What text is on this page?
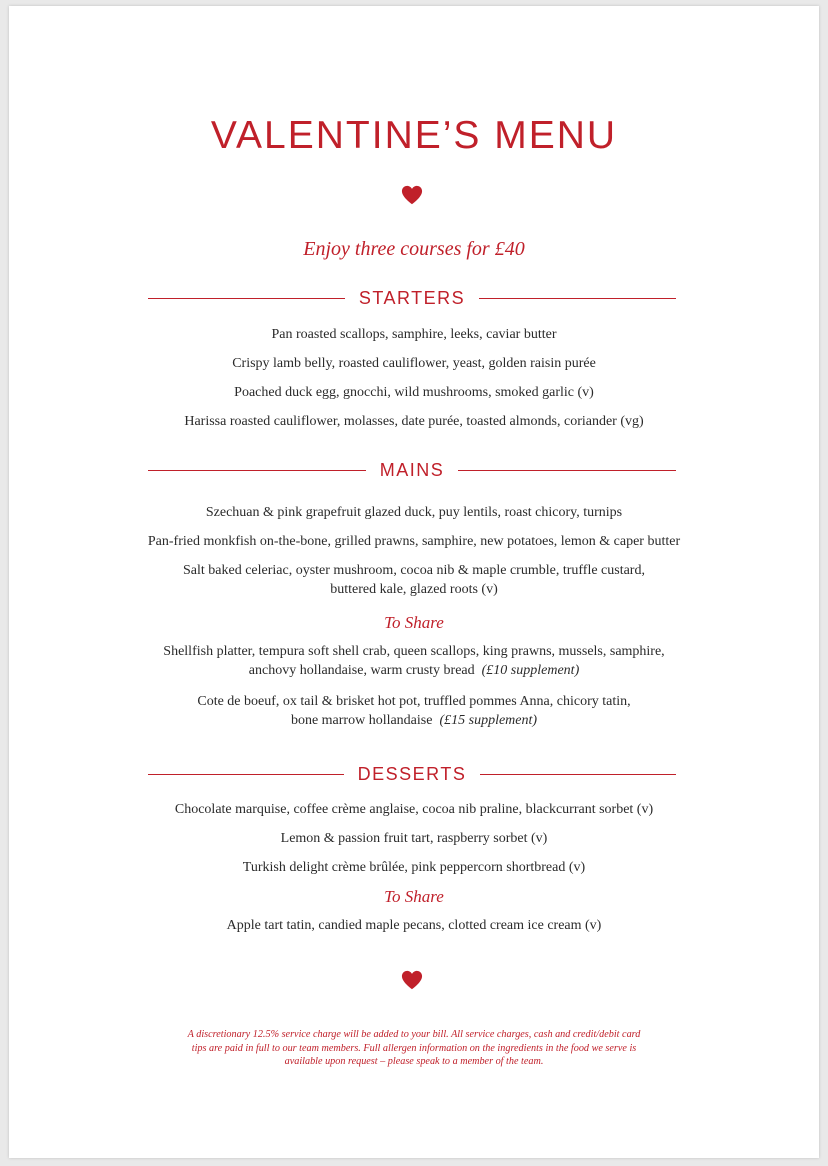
VALENTINE’S MENU
Enjoy three courses for £40
STARTERS
Pan roasted scallops, samphire, leeks, caviar butter
Crispy lamb belly, roasted cauliflower, yeast, golden raisin purée
Poached duck egg, gnocchi, wild mushrooms, smoked garlic (v)
Harissa roasted cauliflower, molasses, date purée, toasted almonds, coriander (vg)
MAINS
Szechuan & pink grapefruit glazed duck, puy lentils, roast chicory, turnips
Pan-fried monkfish on-the-bone, grilled prawns, samphire, new potatoes, lemon & caper butter
Salt baked celeriac, oyster mushroom, cocoa nib & maple crumble, truffle custard,
buttered kale, glazed roots (v)
To Share
Shellfish platter, tempura soft shell crab, queen scallops, king prawns, mussels, samphire,
anchovy hollandaise, warm crusty bread (£10 supplement)
Cote de boeuf, ox tail & brisket hot pot, truffled pommes Anna, chicory tatin,
bone marrow hollandaise (£15 supplement)
DESSERTS
Chocolate marquise, coffee crème anglaise, cocoa nib praline, blackcurrant sorbet (v)
Lemon & passion fruit tart, raspberry sorbet (v)
Turkish delight crème brûlée, pink peppercorn shortbread (v)
To Share
Apple tart tatin, candied maple pecans, clotted cream ice cream (v)
A discretionary 12.5% service charge will be added to your bill. All service charges, cash and credit/debit card
tips are paid in full to our team members. Full allergen information on the ingredients in the food we serve is
available upon request – please speak to a member of the team.
